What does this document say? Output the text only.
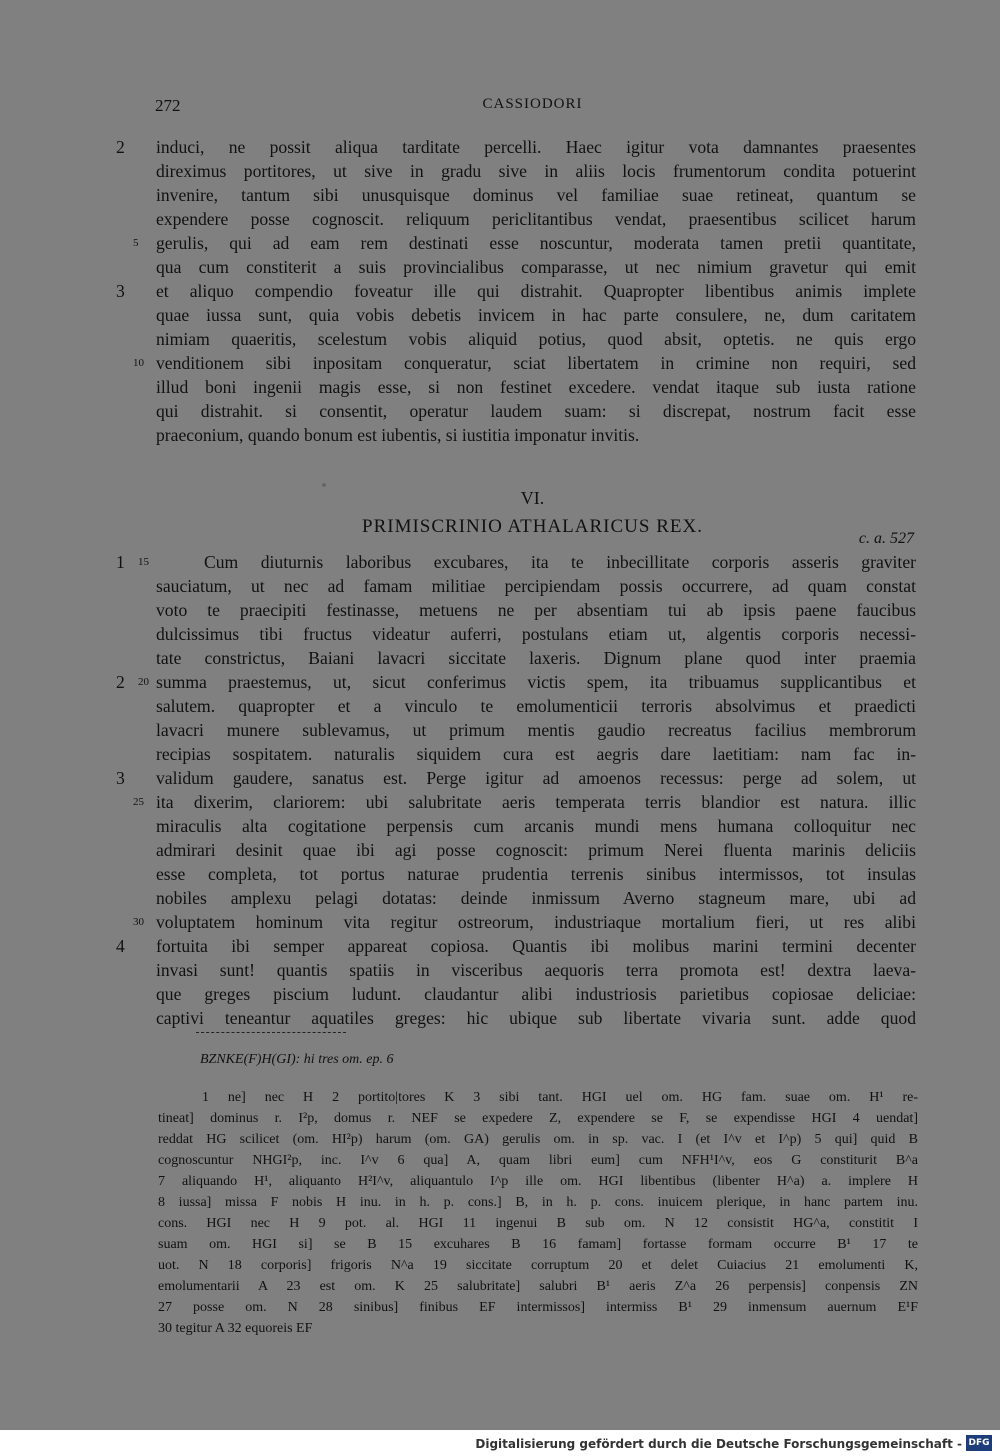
272	CASSIODORI
induci, ne possit aliqua tarditate percelli. Haec igitur vota damnantes praesentes
direximus portitores, ut sive in gradu sive in aliis locis frumentorum condita potuerint
invenire, tantum sibi unusquisque dominus vel familiae suae retineat, quantum se
expendere posse cognoscit. reliquum periclitantibus vendat, praesentibus scilicet harum
gerulis, qui ad eam rem destinati esse noscuntur, moderata tamen pretii quantitate,
qua cum constiterit a suis provincialibus comparasse, ut nec nimium gravetur qui emit
et aliquo compendio foveatur ille qui distrahit. Quapropter libentibus animis implete
quae iussa sunt, quia vobis debetis invicem in hac parte consulere, ne, dum caritatem
nimiam quaeritis, scelestum vobis aliquid potius, quod absit, optetis. ne quis ergo
venditionem sibi inpositam conqueratur, sciat libertatem in crimine non requiri, sed
illud boni ingenii magis esse, si non festinet excedere. vendat itaque sub iusta ratione
qui distrahit. si consentit, operatur laudem suam: si discrepat, nostrum facit esse
praeconium, quando bonum est iubentis, si iustitia imponatur invitis.
2
5
3
10
VI.
PRIMISCRINIO ATHALARICUS REX.
c. a. 527
Cum diuturnis laboribus excubares, ita te inbecillitate corporis asseris graviter
sauciatum, ut nec ad famam militiae percipiendam possis occurrere, ad quam constat
voto te praecipiti festinasse, metuens ne per absentiam tui ab ipsis paene faucibus
dulcissimus tibi fructus videatur auferri, postulans etiam ut, algentis corporis necessi-
tate constrictus, Baiani lavacri siccitate laxeris. Dignum plane quod inter praemia
summa praestemus, ut, sicut conferimus victis spem, ita tribuamus supplicantibus et
salutem. quapropter et a vinculo te emolumenticii terroris absolvimus et praedicti
lavacri munere sublevamus, ut primum mentis gaudio recreatus facilius membrorum
recipias sospitatem. naturalis siquidem cura est aegris dare laetitiam: nam fac in-
validum gaudere, sanatus est. Perge igitur ad amoenos recessus: perge ad solem, ut
ita dixerim, clariorem: ubi salubritate aeris temperata terris blandior est natura. illic
miraculis alta cogitatione perpensis cum arcanis mundi mens humana colloquitur nec
admirari desinit quae ibi agi posse cognoscit: primum Nerei fluenta marinis deliciis
esse completa, tot portus naturae prudentia terrenis sinibus intermissos, tot insulas
nobiles amplexu pelagi dotatas: deinde inmissum Averno stagneum mare, ubi ad
voluptatem hominum vita regitur ostreorum, industriaque mortalium fieri, ut res alibi
fortuita ibi semper appareat copiosa. Quantis ibi molibus marini termini decenter
invasi sunt! quantis spatiis in visceribus aequoris terra promota est! dextra laeva-
que greges piscium ludunt. claudantur alibi industriosis parietibus copiosae deliciae:
captivi teneantur aquatiles greges: hic ubique sub libertate vivaria sunt. adde quod
1 15
2 20
3
25
30
4
BZNKE(F)H(GI): hi tres om. ep. 6
1 ne] nec H 2 portito|tores K 3 sibi tant. HGI uel om. HG fam. suae om. H¹ re-
tineat] dominus r. I²p, domus r. NEF se expedere Z, expendere se F, se expendisse HGI 4 uendat]
reddat HG scilicet (om. HI²p) harum (om. GA) gerulis om. in sp. vac. I (et I^v et I^p) 5 qui] quid B
cognoscuntur NHGI²p, inc. I^v 6 qua] A, quam libri eum] cum NFH¹I^v, eos G constiturit B^a
7 aliquando H¹, aliquanto H²I^v, aliquantulo I^p ille om. HGI libentibus (libenter H^a) a. implere H
8 iussa] missa F nobis H inu. in h. p. cons.] B, in h. p. cons. inuicem plerique, in hanc partem inu.
cons. HGI nec H 9 pot. al. HGI 11 ingenui B sub om. N 12 consistit HG^a, constitit I
suam om. HGI si] se B 15 excuhares B 16 famam] fortasse formam occurre B¹ 17 te
uot. N 18 corporis] frigoris N^a 19 siccitate corruptum 20 et delet Cuiacius 21 emolumenti K,
emolumentarii A 23 est om. K 25 salubritate] salubri B¹ aeris Z^a 26 perpensis] conpensis ZN
27 posse om. N 28 sinibus] finibus EF intermissos] intermiss B¹ 29 inmensum auernum E¹F
30 tegitur A 32 equoreis EF
Digitalisierung gefördert durch die Deutsche Forschungsgemeinschaft - DFG
